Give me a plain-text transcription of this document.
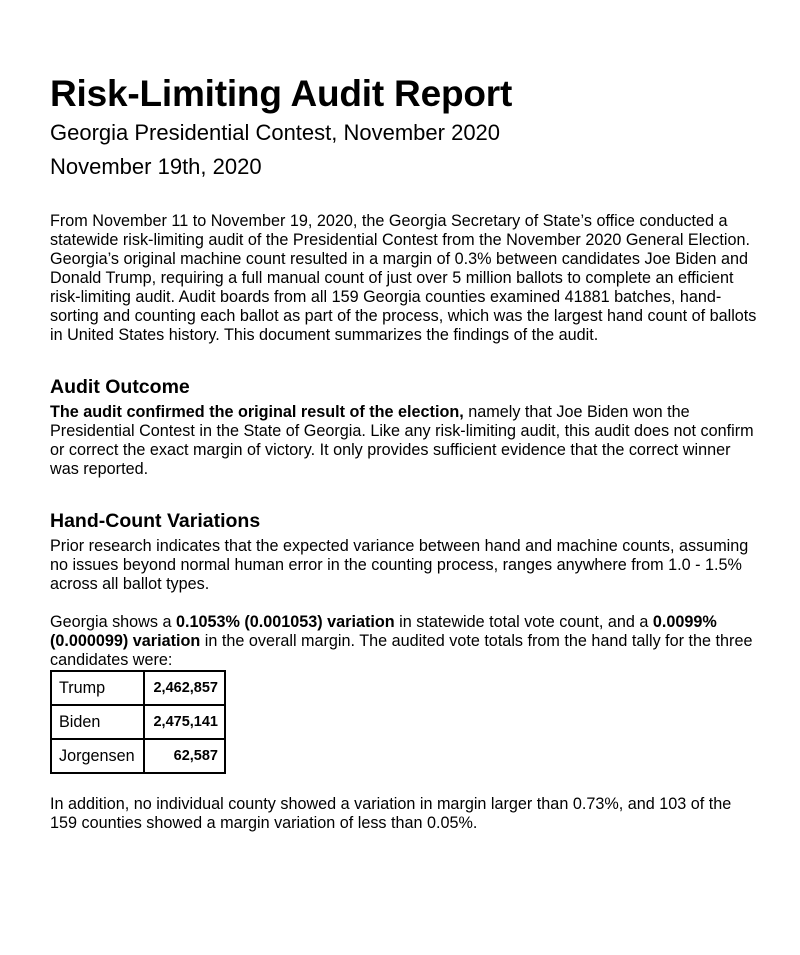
Risk-Limiting Audit Report
Georgia Presidential Contest, November 2020
November 19th, 2020

From November 11 to November 19, 2020, the Georgia Secretary of State’s office conducted a statewide risk-limiting audit of the Presidential Contest from the November 2020 General Election. Georgia’s original machine count resulted in a margin of 0.3% between candidates Joe Biden and Donald Trump, requiring a full manual count of just over 5 million ballots to complete an efficient risk-limiting audit. Audit boards from all 159 Georgia counties examined 41881 batches, hand-sorting and counting each ballot as part of the process, which was the largest hand count of ballots in United States history. This document summarizes the findings of the audit.

Audit Outcome

The audit confirmed the original result of the election, namely that Joe Biden won the Presidential Contest in the State of Georgia. Like any risk-limiting audit, this audit does not confirm or correct the exact margin of victory. It only provides sufficient evidence that the correct winner was reported.

Hand-Count Variations

Prior research indicates that the expected variance between hand and machine counts, assuming no issues beyond normal human error in the counting process, ranges anywhere from 1.0 - 1.5% across all ballot types.

Georgia shows a 0.1053% (0.001053) variation in statewide total vote count, and a 0.0099% (0.000099) variation in the overall margin. The audited vote totals from the hand tally for the three candidates were:

Trump	2,462,857
Biden	2,475,141
Jorgensen	62,587

In addition, no individual county showed a variation in margin larger than 0.73%, and 103 of the 159 counties showed a margin variation of less than 0.05%.
